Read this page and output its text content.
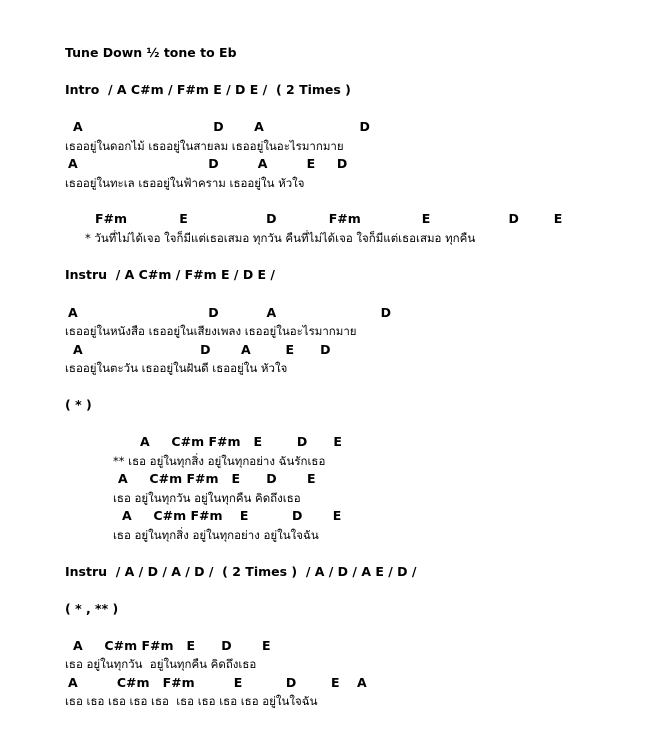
Tune Down ½ tone to Eb
Intro  / A C#m / F#m E / D E /  ( 2 Times )
A                              D       A                      D
เธออยู่ในดอกไม้ เธออยู่ในสายลม เธออยู่ในอะไรมากมาย
A                              D         A         E     D
เธออยู่ในทะเล เธออยู่ในฟ้าคราม เธออยู่ใน หัวใจ
F#m            E                  D            F#m              E                  D        E
* วันที่ไม่ได้เจอ ใจก็มีแต่เธอเสมอ ทุกวัน คืนที่ไม่ได้เจอ ใจก็มีแต่เธอเสมอ ทุกคืน
Instru  / A C#m / F#m E / D E /
A                              D           A                        D
เธออยู่ในหนังสือ เธออยู่ในเสียงเพลง เธออยู่ในอะไรมากมาย
A                           D       A        E      D
เธออยู่ในตะวัน เธออยู่ในฝันดี เธออยู่ใน หัวใจ
( * )
A     C#m F#m   E        D      E
** เธอ อยู่ในทุกสิ่ง อยู่ในทุกอย่าง ฉันรักเธอ
A     C#m F#m   E      D       E
เธอ อยู่ในทุกวัน อยู่ในทุกคืน คิดถึงเธอ
A     C#m F#m    E          D       E
เธอ อยู่ในทุกสิ่ง อยู่ในทุกอย่าง อยู่ในใจฉัน
Instru  / A / D / A / D /  ( 2 Times )  / A / D / A E / D /
( * , ** )
A     C#m F#m   E      D       E
เธอ อยู่ในทุกวัน  อยู่ในทุกคืน คิดถึงเธอ
A         C#m   F#m         E          D        E    A
เธอ เธอ เธอ เธอ เธอ  เธอ เธอ เธอ เธอ อยู่ในใจฉัน
